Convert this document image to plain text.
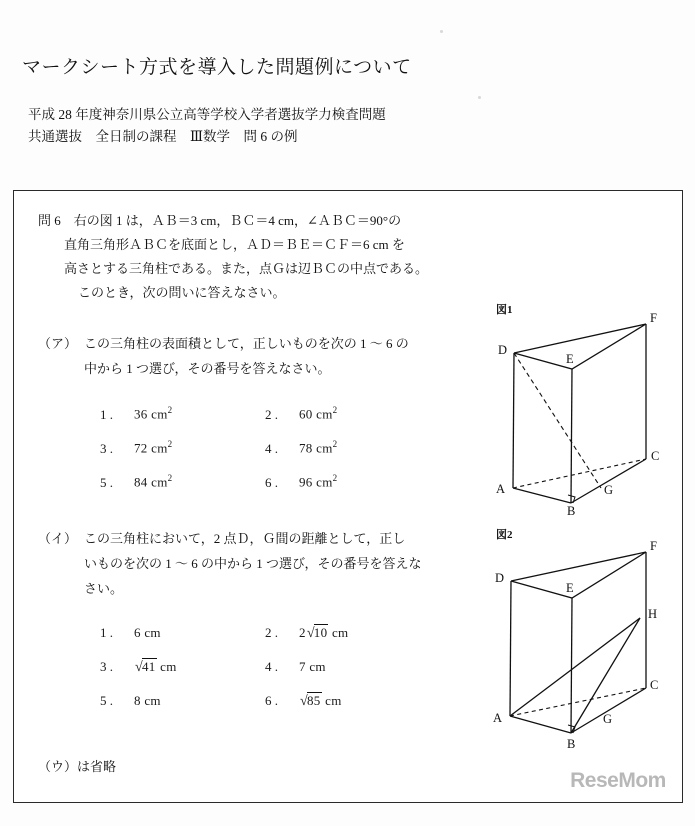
マークシート方式を導入した問題例について
平成 28 年度神奈川県公立高等学校入学者選抜学力検査問題
共通選抜　全日制の課程　Ⅲ数学　問 6 の例
問 6　右の図 1 は，ＡＢ＝3 cm，ＢＣ＝4 cm，∠ＡＢＣ＝90°の
直角三角形ＡＢＣを底面とし，ＡＤ＝ＢＥ＝ＣＦ＝6 cm を
高さとする三角柱である。また，点Ｇは辺ＢＣの中点である。
このとき，次の問いに答えなさい。
（ア） この三角柱の表面積として，正しいものを次の 1 〜 6 の
中から 1 つ選び，その番号を答えなさい。
1 .	36 $cm^2$	2 .	60 $cm^2$
3 .	72 $cm^2$	4 .	78 $cm^2$
5 .	84 $cm^2$	6 .	96 $cm^2$
（イ） この三角柱において，2 点Ｄ，Ｇ間の距離として，正し
いものを次の 1 〜 6 の中から 1 つ選び，その番号を答えな
さい。
1 .	6 cm	2 .	2√10 cm
3 .	√41 cm	4 .	7 cm
5 .	8 cm	6 .	√85 cm
（ウ）は省略
図1
D
E
F
A
B
C
G
図2
D
E
F
H
A
B
C
G
ReseMom
